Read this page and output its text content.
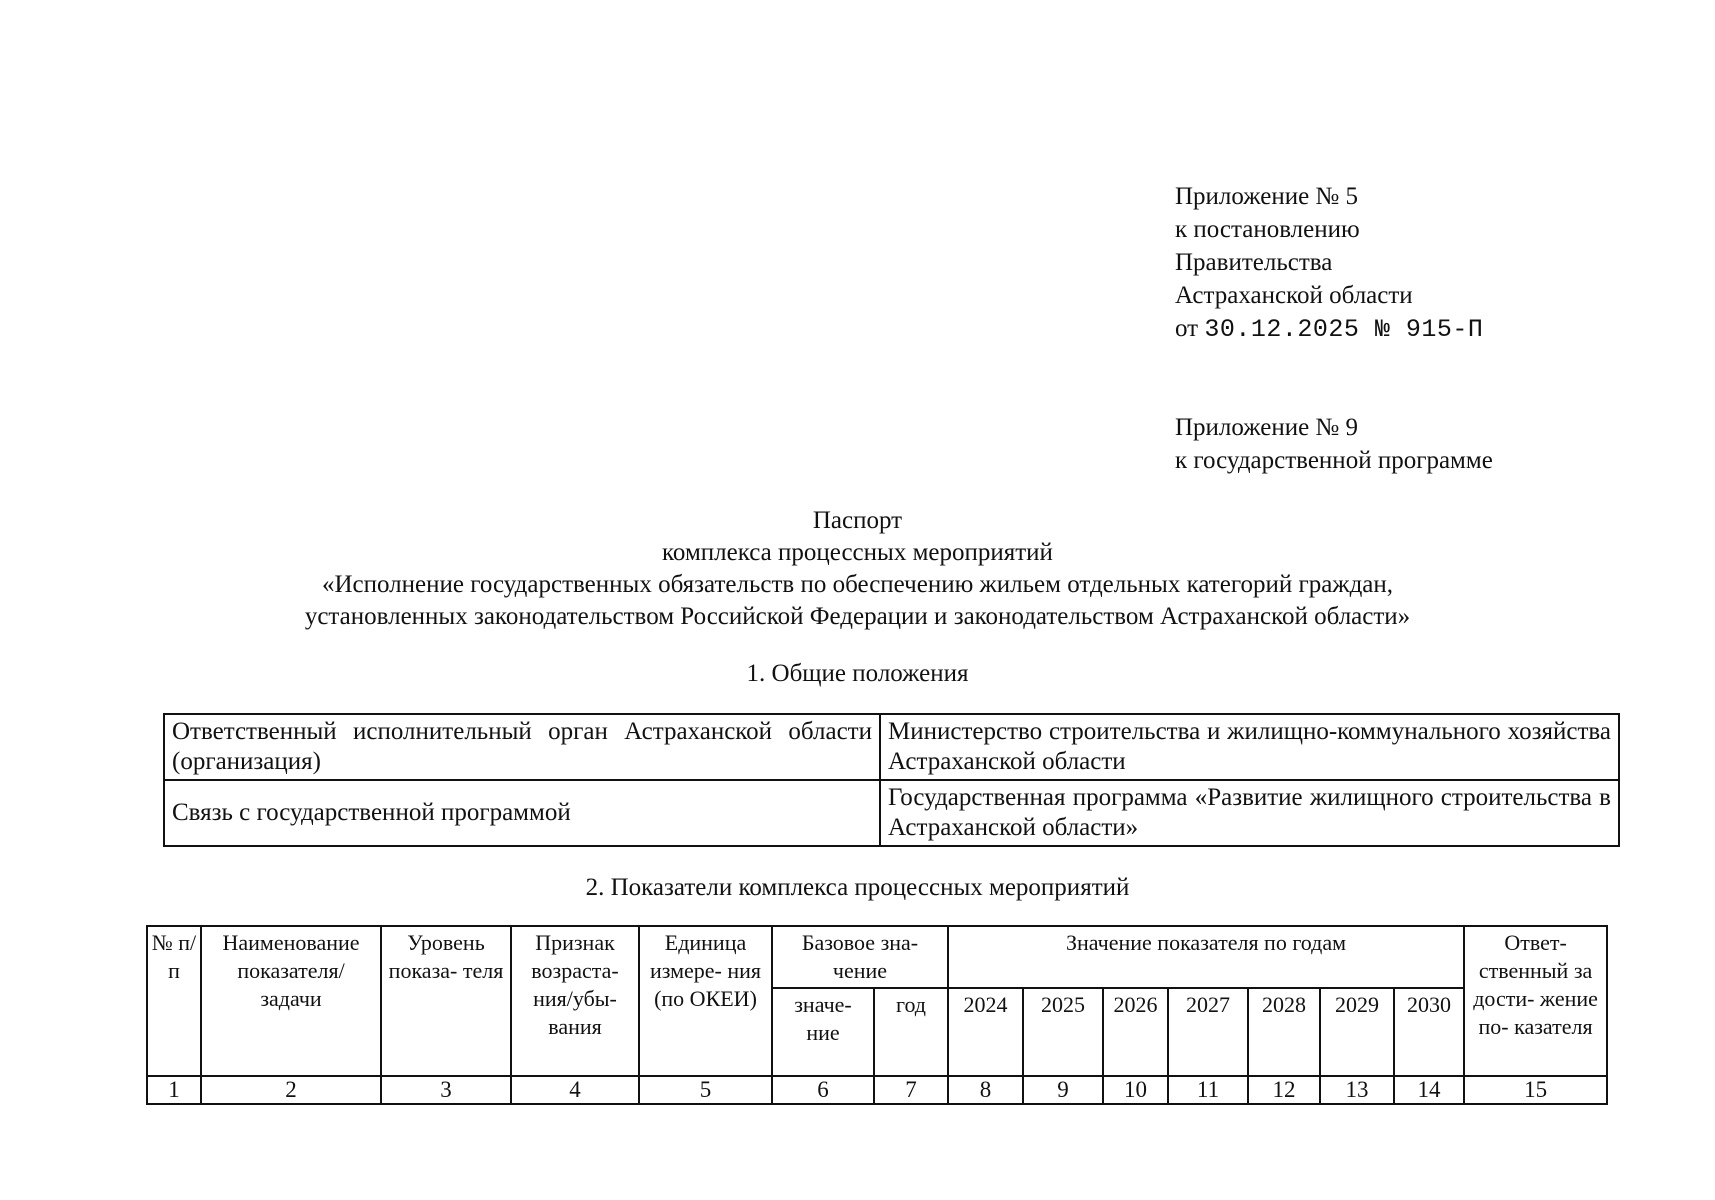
Приложение № 5
к постановлению
Правительства
Астраханской области
от 30.12.2025 № 915-П
Приложение № 9
к государственной программе
Паспорт
комплекса процессных мероприятий
«Исполнение государственных обязательств по обеспечению жильем отдельных категорий граждан,
установленных законодательством Российской Федерации и законодательством Астраханской области»
1. Общие положения
Ответственный исполнительный орган Астраханской области (организация)	Министерство строительства и жилищно-коммунального хозяйства Астраханской области
Связь с государственной программой	Государственная программа «Развитие жилищного строительства в Астраханской области»
2. Показатели комплекса процессных мероприятий
№ п/п	Наименование показателя/ задачи	Уровень показа- теля	Признак возраста- ния/убы- вания	Единица измере- ния (по ОКЕИ)	Базовое зна- чение		Значение показателя по годам							Ответ- ственный за дости- жение по- казателя
					значе- ние	год	2024	2025	2026	2027	2028	2029	2030	
1	2	3	4	5	6	7	8	9	10	11	12	13	14	15
